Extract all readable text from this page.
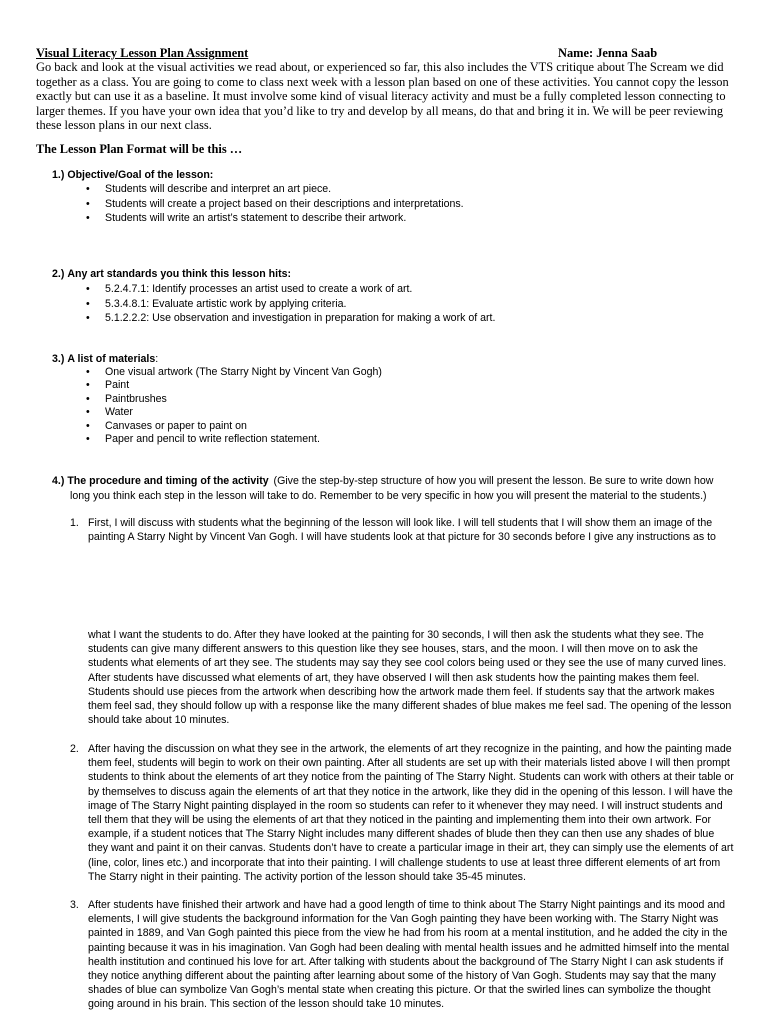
Visual Literacy Lesson Plan Assignment	Name: Jenna Saab
Go back and look at the visual activities we read about, or experienced so far, this also includes the VTS critique about The Scream we did together as a class. You are going to come to class next week with a lesson plan based on one of these activities. You cannot copy the lesson exactly but can use it as a baseline. It must involve some kind of visual literacy activity and must be a fully completed lesson connecting to larger themes. If you have your own idea that you’d like to try and develop by all means, do that and bring it in. We will be peer reviewing these lesson plans in our next class.
The Lesson Plan Format will be this …
1.) Objective/Goal of the lesson:
• Students will describe and interpret an art piece.
• Students will create a project based on their descriptions and interpretations.
• Students will write an artist’s statement to describe their artwork.
2.) Any art standards you think this lesson hits:
• 5.2.4.7.1: Identify processes an artist used to create a work of art.
• 5.3.4.8.1: Evaluate artistic work by applying criteria.
• 5.1.2.2.2: Use observation and investigation in preparation for making a work of art.
3.) A list of materials:
• One visual artwork (The Starry Night by Vincent Van Gogh)
• Paint
• Paintbrushes
• Water
• Canvases or paper to paint on
• Paper and pencil to write reflection statement.
4.) The procedure and timing of the activity (Give the step-by-step structure of how you will present the lesson. Be sure to write down how long you think each step in the lesson will take to do. Remember to be very specific in how you will present the material to the students.)
1. First, I will discuss with students what the beginning of the lesson will look like. I will tell students that I will show them an image of the painting A Starry Night by Vincent Van Gogh. I will have students look at that picture for 30 seconds before I give any instructions as to
what I want the students to do. After they have looked at the painting for 30 seconds, I will then ask the students what they see. The students can give many different answers to this question like they see houses, stars, and the moon. I will then move on to ask the students what elements of art they see. The students may say they see cool colors being used or they see the use of many curved lines. After students have discussed what elements of art, they have observed I will then ask students how the painting makes them feel. Students should use pieces from the artwork when describing how the artwork made them feel. If students say that the artwork makes them feel sad, they should follow up with a response like the many different shades of blue makes me feel sad. The opening of the lesson should take about 10 minutes.
2. After having the discussion on what they see in the artwork, the elements of art they recognize in the painting, and how the painting made them feel, students will begin to work on their own painting. After all students are set up with their materials listed above I will then prompt students to think about the elements of art they notice from the painting of The Starry Night. Students can work with others at their table or by themselves to discuss again the elements of art that they notice in the artwork, like they did in the opening of this lesson. I will have the image of The Starry Night painting displayed in the room so students can refer to it whenever they may need. I will instruct students and tell them that they will be using the elements of art that they noticed in the painting and implementing them into their own artwork. For example, if a student notices that The Starry Night includes many different shades of blude then they can then use any shades of blue they want and paint it on their canvas. Students don’t have to create a particular image in their art, they can simply use the elements of art (line, color, lines etc.) and incorporate that into their painting. I will challenge students to use at least three different elements of art from The Starry night in their painting. The activity portion of the lesson should take 35-45 minutes.
3. After students have finished their artwork and have had a good length of time to think about The Starry Night paintings and its mood and elements, I will give students the background information for the Van Gogh painting they have been working with. The Starry Night was painted in 1889, and Van Gogh painted this piece from the view he had from his room at a mental institution, and he added the city in the painting because it was in his imagination. Van Gogh had been dealing with mental health issues and he admitted himself into the mental health institution and continued his love for art. After talking with students about the background of The Starry Night I can ask students if they notice anything different about the painting after learning about some of the history of Van Gogh. Students may say that the many shades of blue can symbolize Van Gogh’s mental state when creating this picture. Or that the swirled lines can symbolize the thought going around in his brain. This section of the lesson should take 10 minutes.
